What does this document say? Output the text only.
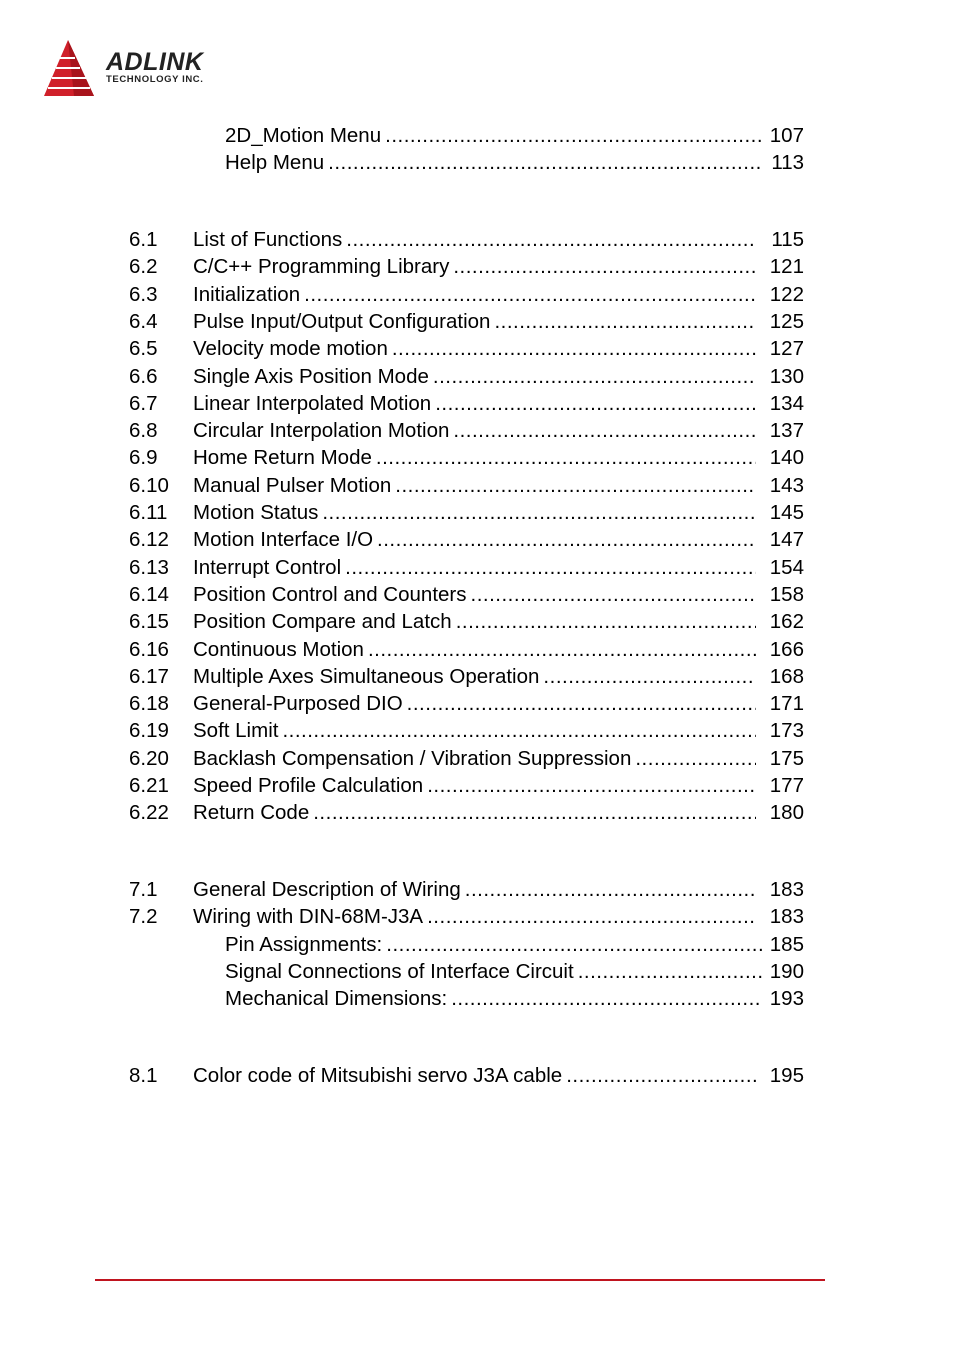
ADLINK
TECHNOLOGY INC.
2D_Motion Menu .....	107
Help Menu .....	113
6.1 List of Functions .....	115
6.2 C/C++ Programming Library .....	121
6.3 Initialization .....	122
6.4 Pulse Input/Output Configuration .....	125
6.5 Velocity mode motion .....	127
6.6 Single Axis Position Mode .....	130
6.7 Linear Interpolated Motion .....	134
6.8 Circular Interpolation Motion .....	137
6.9 Home Return Mode .....	140
6.10 Manual Pulser Motion .....	143
6.11 Motion Status .....	145
6.12 Motion Interface I/O .....	147
6.13 Interrupt Control .....	154
6.14 Position Control and Counters .....	158
6.15 Position Compare and Latch .....	162
6.16 Continuous Motion .....	166
6.17 Multiple Axes Simultaneous Operation .....	168
6.18 General-Purposed DIO .....	171
6.19 Soft Limit .....	173
6.20 Backlash Compensation / Vibration Suppression .....	175
6.21 Speed Profile Calculation .....	177
6.22 Return Code .....	180
7.1 General Description of Wiring .....	183
7.2 Wiring with DIN-68M-J3A .....	183
Pin Assignments: .....	185
Signal Connections of Interface Circuit .....	190
Mechanical Dimensions: .....	193
8.1 Color code of Mitsubishi servo J3A cable .....	195
